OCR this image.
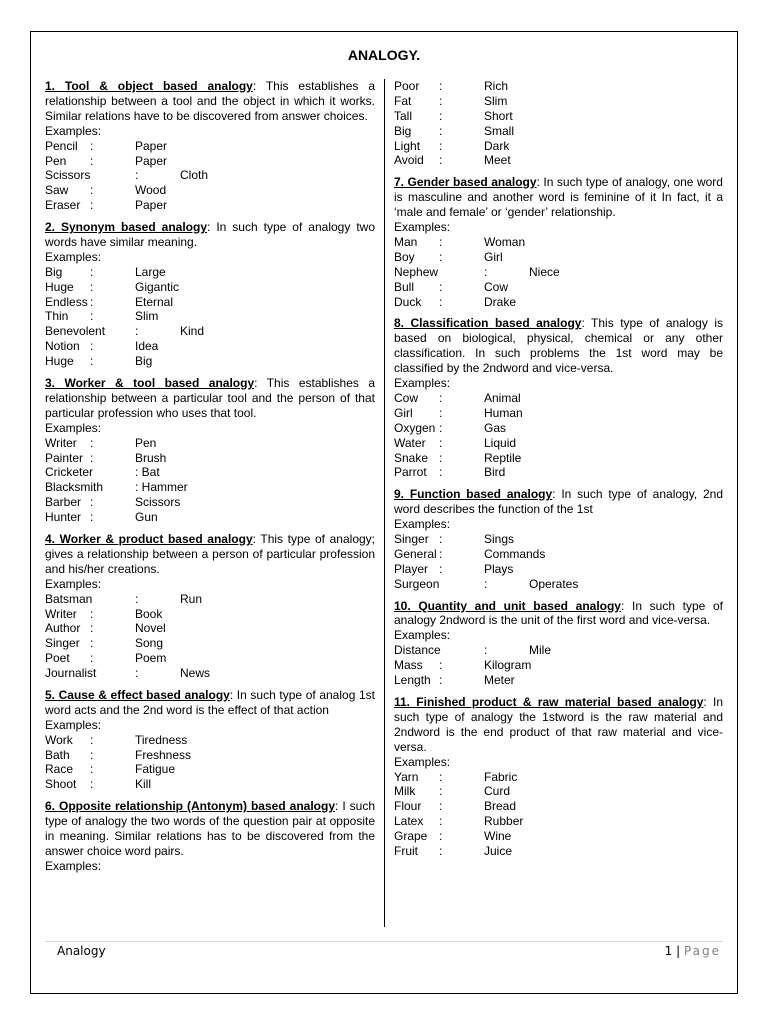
ANALOGY.
1. Tool & object based analogy: This establishes a relationship between a tool and the object in which it works. Similar relations have to be discovered from answer choices.
Examples:
Pencil :	Paper
Pen :	Paper
Scissors	:	Cloth
Saw :	Wood
Eraser :	Paper
2. Synonym based analogy: In such type of analogy two words have similar meaning.
Examples:
Big :	Large
Huge :	Gigantic
Endless :	Eternal
Thin :	Slim
Benevolent :	Kind
Notion :	Idea
Huge :	Big
3. Worker & tool based analogy: This establishes a relationship between a particular tool and the person of that particular profession who uses that tool.
Examples:
Writer :	Pen
Painter :	Brush
Cricketer	: Bat
Blacksmith	: Hammer
Barber :	Scissors
Hunter :	Gun
4. Worker & product based analogy: This type of analogy; gives a relationship between a person of particular profession and his/her creations.
Examples:
Batsman	:	Run
Writer :	Book
Author :	Novel
Singer :	Song
Poet :	Poem
Journalist	:	News
5. Cause & effect based analogy: In such type of analog 1st word acts and the 2nd word is the effect of that action
Examples:
Work :	Tiredness
Bath :	Freshness
Race :	Fatigue
Shoot :	Kill
6. Opposite relationship (Antonym) based analogy: I such type of analogy the two words of the question pair at opposite in meaning. Similar relations has to be discovered from the answer choice word pairs.
Examples:
Poor :	Rich
Fat :	Slim
Tall :	Short
Big :	Small
Light :	Dark
Avoid :	Meet
7. Gender based analogy: In such type of analogy, one word is masculine and another word is feminine of it In fact, it a ‘male and female’ or ‘gender’ relationship.
Examples:
Man :	Woman
Boy :	Girl
Nephew	:	Niece
Bull :	Cow
Duck :	Drake
8. Classification based analogy: This type of analogy is based on biological, physical, chemical or any other classification. In such problems the 1st word may be classified by the 2ndword and vice-versa.
Examples:
Cow :	Animal
Girl :	Human
Oxygen :	Gas
Water :	Liquid
Snake :	Reptile
Parrot :	Bird
9. Function based analogy: In such type of analogy, 2nd word describes the function of the 1st
Examples:
Singer :	Sings
General :	Commands
Player :	Plays
Surgeon	:	Operates
10. Quantity and unit based analogy: In such type of analogy 2ndword is the unit of the first word and vice-versa.
Examples:
Distance	:	Mile
Mass :	Kilogram
Length :	Meter
11. Finished product & raw material based analogy: In such type of analogy the 1stword is the raw material and 2ndword is the end product of that raw material and vice-versa.
Examples:
Yarn :	Fabric
Milk :	Curd
Flour :	Bread
Latex :	Rubber
Grape :	Wine
Fruit :	Juice
Analogy	1 | Page
